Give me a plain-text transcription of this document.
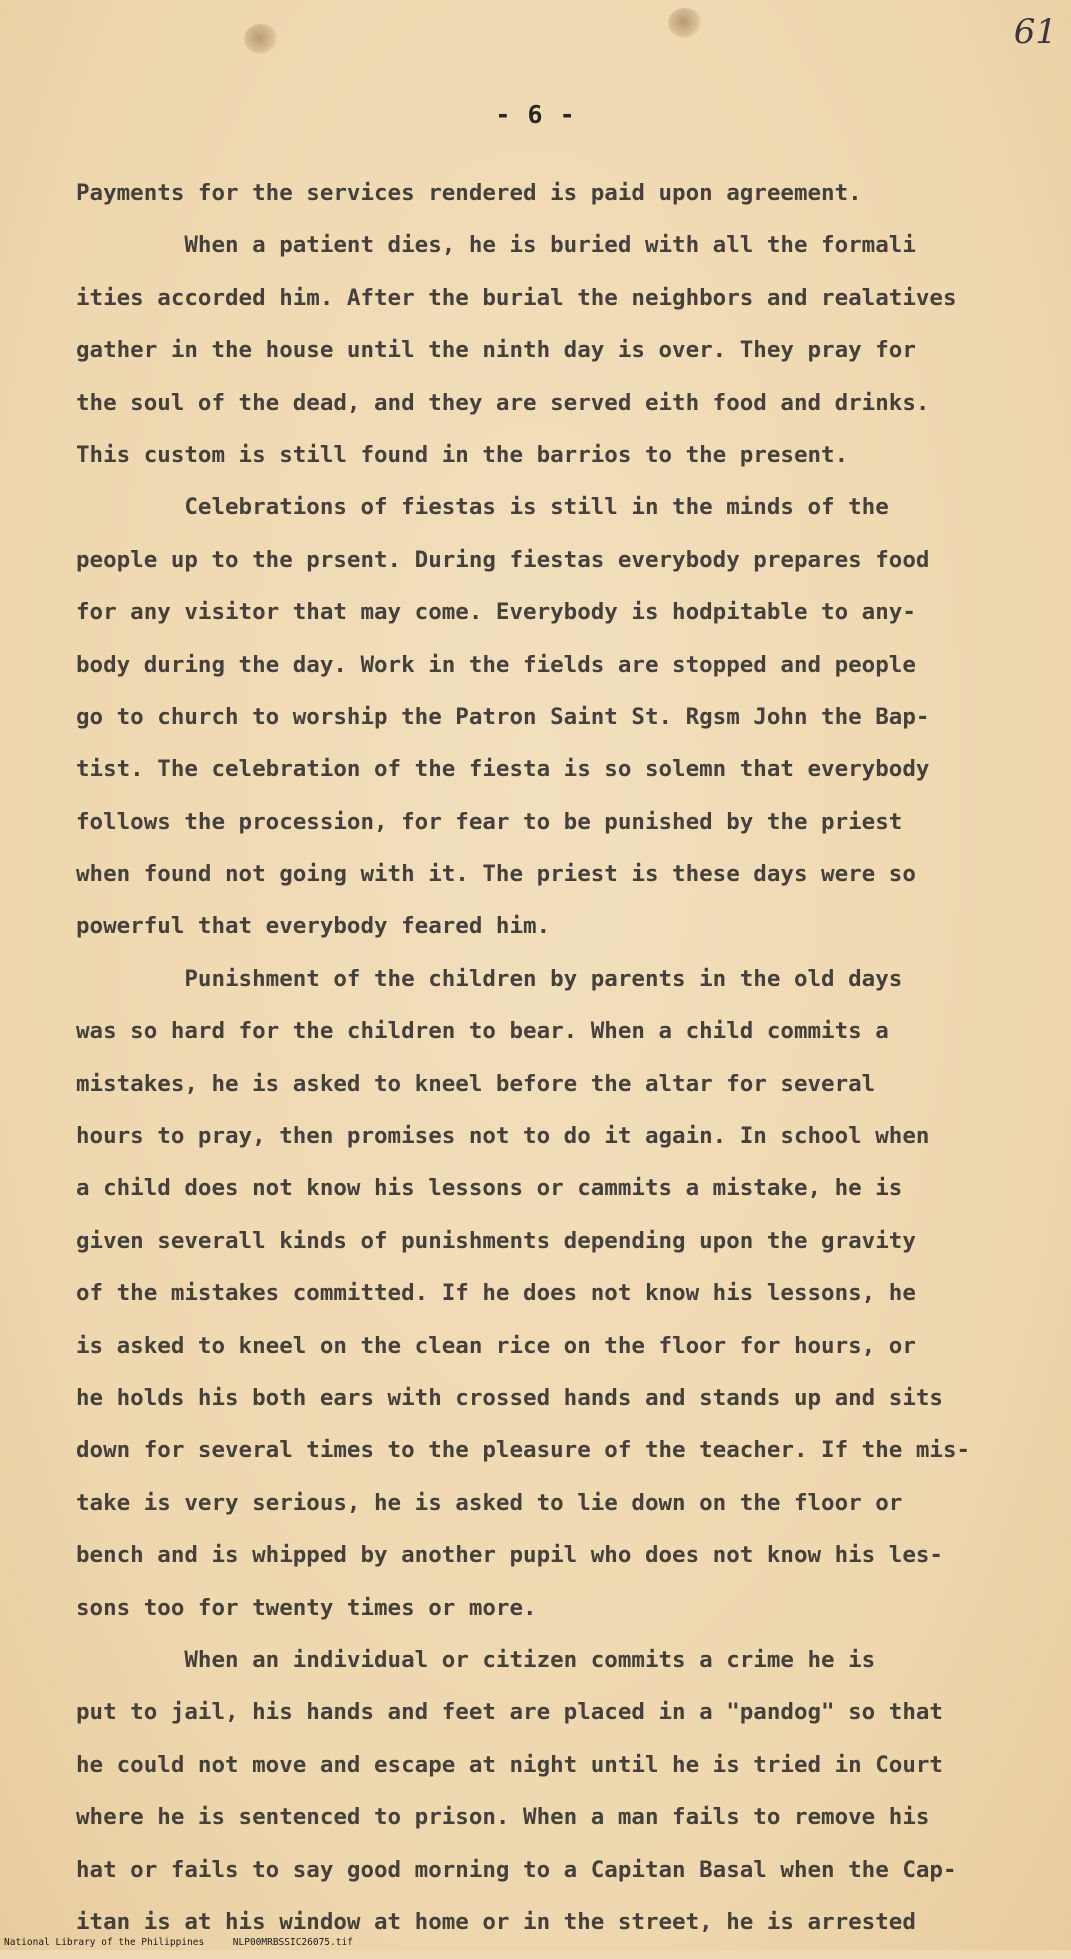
61
- 6 -
Payments for the services rendered is paid upon agreement.
When a patient dies, he is buried with all the formali
ities accorded him. After the burial the neighbors and realatives
gather in the house until the ninth day is over. They pray for
the soul of the dead, and they are served eith food and drinks.
This custom is still found in the barrios to the present.
Celebrations of fiestas is still in the minds of the
people up to the prsent. During fiestas everybody prepares food
for any visitor that may come. Everybody is hodpitable to any-
body during the day. Work in the fields are stopped and people
go to church to worship the Patron Saint St. Rgsm John the Bap-
tist. The celebration of the fiesta is so solemn that everybody
follows the procession, for fear to be punished by the priest
when found not going with it. The priest is these days were so
powerful that everybody feared him.
Punishment of the children by parents in the old days
was so hard for the children to bear. When a child commits a
mistakes, he is asked to kneel before the altar for several
hours to pray, then promises not to do it again. In school when
a child does not know his lessons or cammits a mistake, he is
given severall kinds of punishments depending upon the gravity
of the mistakes committed. If he does not know his lessons, he
is asked to kneel on the clean rice on the floor for hours, or
he holds his both ears with crossed hands and stands up and sits
down for several times to the pleasure of the teacher. If the mis-
take is very serious, he is asked to lie down on the floor or
bench and is whipped by another pupil who does not know his les-
sons too for twenty times or more.
When an individual or citizen commits a crime he is
put to jail, his hands and feet are placed in a "pandog" so that
he could not move and escape at night until he is tried in Court
where he is sentenced to prison. When a man fails to remove his
hat or fails to say good morning to a Capitan Basal when the Cap-
itan is at his window at home or in the street, he is arrested
National Library of the Philippines	NLP00MRBSSIC26075.tif
